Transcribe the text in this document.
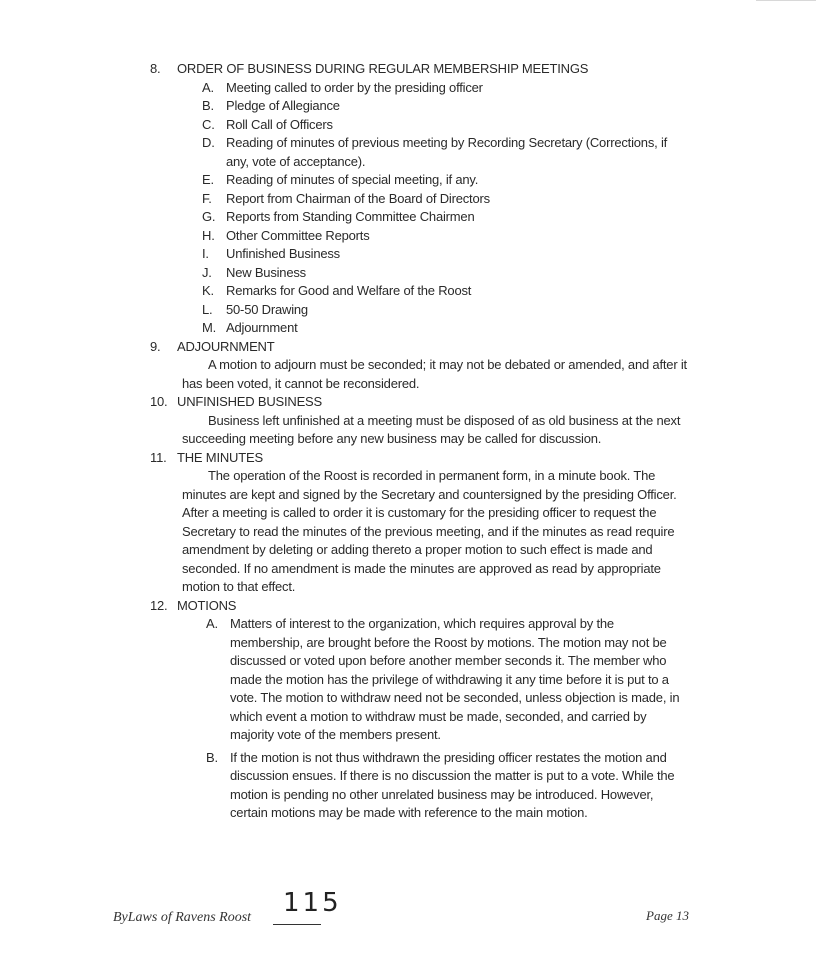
8. ORDER OF BUSINESS DURING REGULAR MEMBERSHIP MEETINGS
A. Meeting called to order by the presiding officer
B. Pledge of Allegiance
C. Roll Call of Officers
D. Reading of minutes of previous meeting by Recording Secretary (Corrections, if any, vote of acceptance).
E. Reading of minutes of special meeting, if any.
F. Report from Chairman of the Board of Directors
G. Reports from Standing Committee Chairmen
H. Other Committee Reports
I. Unfinished Business
J. New Business
K. Remarks for Good and Welfare of the Roost
L. 50-50 Drawing
M. Adjournment
9. ADJOURNMENT

A motion to adjourn must be seconded; it may not be debated or amended, and after it has been voted, it cannot be reconsidered.

10. UNFINISHED BUSINESS

Business left unfinished at a meeting must be disposed of as old business at the next succeeding meeting before any new business may be called for discussion.

11. THE MINUTES

The operation of the Roost is recorded in permanent form, in a minute book. The minutes are kept and signed by the Secretary and countersigned by the presiding Officer. After a meeting is called to order it is customary for the presiding officer to request the Secretary to read the minutes of the previous meeting, and if the minutes as read require amendment by deleting or adding thereto a proper motion to such effect is made and seconded. If no amendment is made the minutes are approved as read by appropriate motion to that effect.

12. MOTIONS
A. Matters of interest to the organization, which requires approval by the membership, are brought before the Roost by motions. The motion may not be discussed or voted upon before another member seconds it. The member who made the motion has the privilege of withdrawing it any time before it is put to a vote. The motion to withdraw need not be seconded, unless objection is made, in which event a motion to withdraw must be made, seconded, and carried by majority vote of the members present.
B. If the motion is not thus withdrawn the presiding officer restates the motion and discussion ensues. If there is no discussion the matter is put to a vote. While the motion is pending no other unrelated business may be introduced. However, certain motions may be made with reference to the main motion.
ByLaws of Ravens Roost 115	Page 13
